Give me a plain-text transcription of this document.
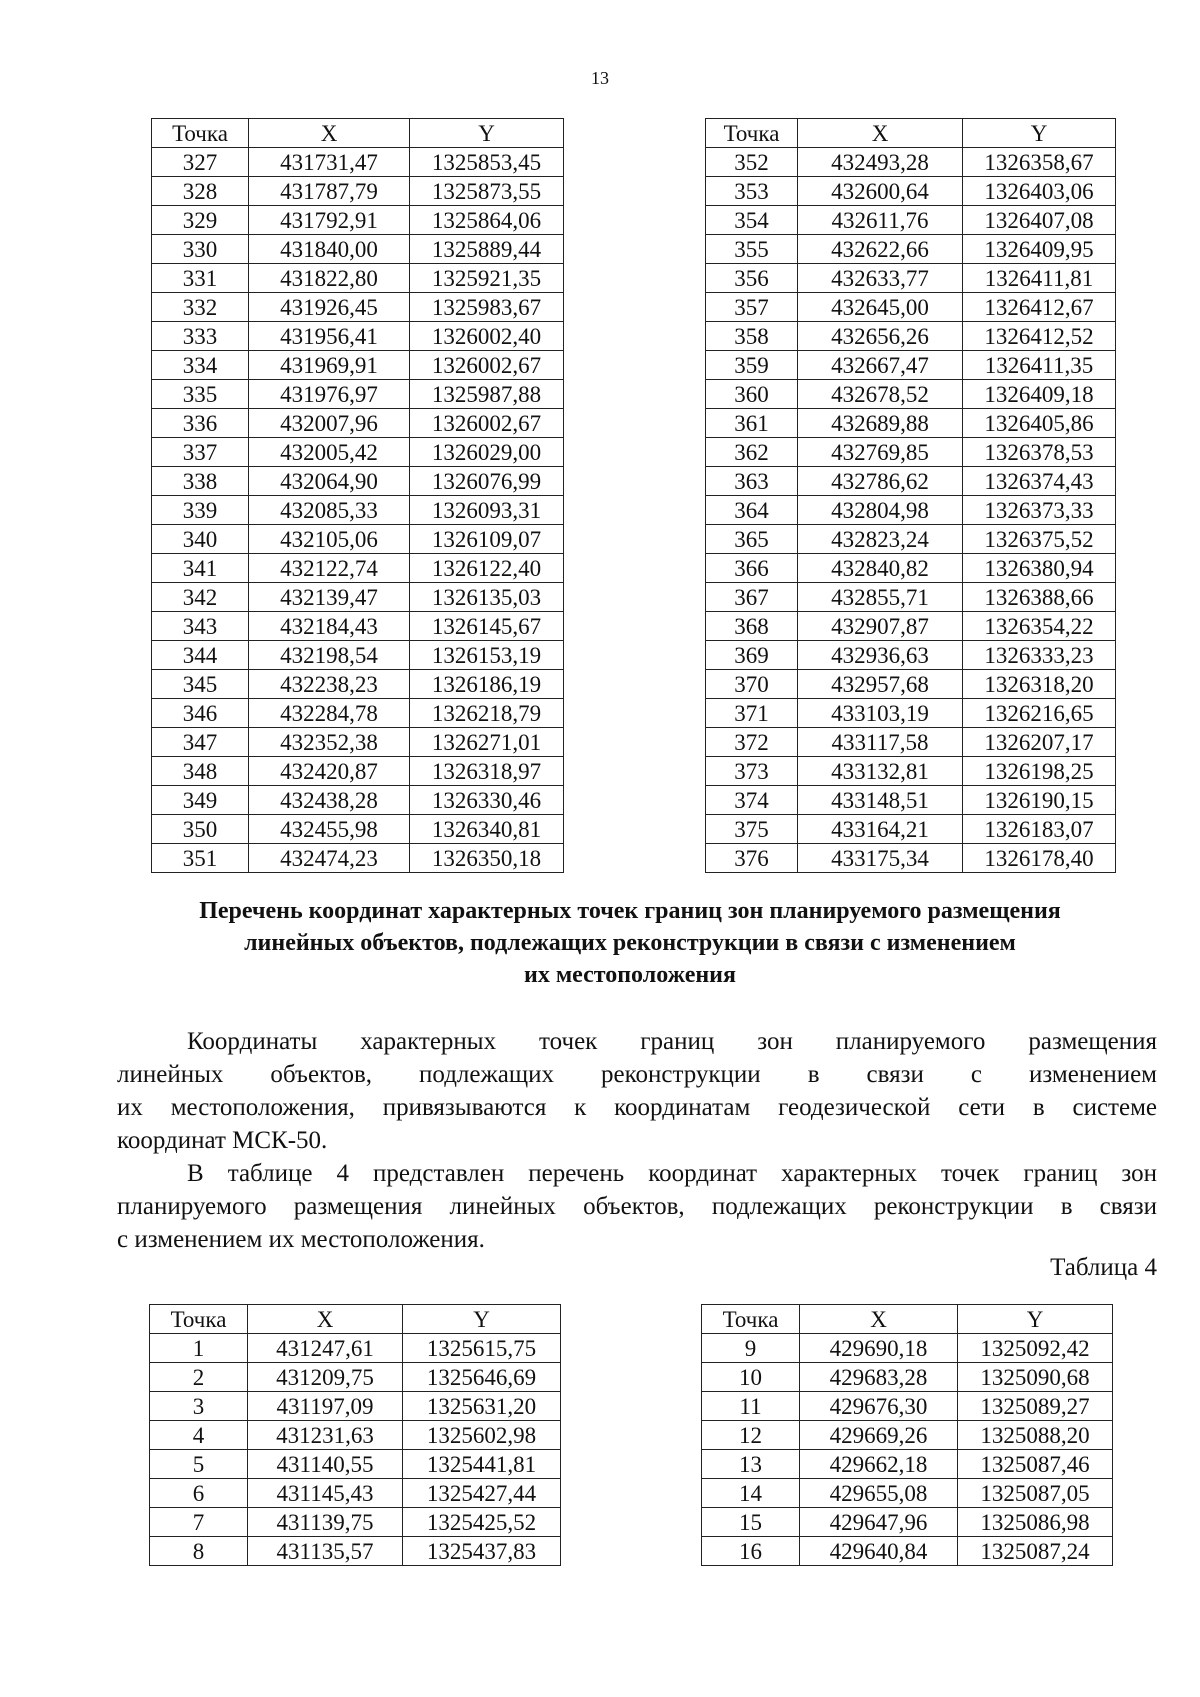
13
Точка	X	Y
327	431731,47	1325853,45
328	431787,79	1325873,55
329	431792,91	1325864,06
330	431840,00	1325889,44
331	431822,80	1325921,35
332	431926,45	1325983,67
333	431956,41	1326002,40
334	431969,91	1326002,67
335	431976,97	1325987,88
336	432007,96	1326002,67
337	432005,42	1326029,00
338	432064,90	1326076,99
339	432085,33	1326093,31
340	432105,06	1326109,07
341	432122,74	1326122,40
342	432139,47	1326135,03
343	432184,43	1326145,67
344	432198,54	1326153,19
345	432238,23	1326186,19
346	432284,78	1326218,79
347	432352,38	1326271,01
348	432420,87	1326318,97
349	432438,28	1326330,46
350	432455,98	1326340,81
351	432474,23	1326350,18
Точка	X	Y
352	432493,28	1326358,67
353	432600,64	1326403,06
354	432611,76	1326407,08
355	432622,66	1326409,95
356	432633,77	1326411,81
357	432645,00	1326412,67
358	432656,26	1326412,52
359	432667,47	1326411,35
360	432678,52	1326409,18
361	432689,88	1326405,86
362	432769,85	1326378,53
363	432786,62	1326374,43
364	432804,98	1326373,33
365	432823,24	1326375,52
366	432840,82	1326380,94
367	432855,71	1326388,66
368	432907,87	1326354,22
369	432936,63	1326333,23
370	432957,68	1326318,20
371	433103,19	1326216,65
372	433117,58	1326207,17
373	433132,81	1326198,25
374	433148,51	1326190,15
375	433164,21	1326183,07
376	433175,34	1326178,40
Перечень координат характерных точек границ зон планируемого размещения
линейных объектов, подлежащих реконструкции в связи с изменением
их местоположения
Координаты характерных точек границ зон планируемого размещения
линейных объектов, подлежащих реконструкции в связи с изменением
их местоположения, привязываются к координатам геодезической сети в системе
координат МСК-50.
В таблице 4 представлен перечень координат характерных точек границ зон
планируемого размещения линейных объектов, подлежащих реконструкции в связи
с изменением их местоположения.
Таблица 4
Точка	X	Y
1	431247,61	1325615,75
2	431209,75	1325646,69
3	431197,09	1325631,20
4	431231,63	1325602,98
5	431140,55	1325441,81
6	431145,43	1325427,44
7	431139,75	1325425,52
8	431135,57	1325437,83
Точка	X	Y
9	429690,18	1325092,42
10	429683,28	1325090,68
11	429676,30	1325089,27
12	429669,26	1325088,20
13	429662,18	1325087,46
14	429655,08	1325087,05
15	429647,96	1325086,98
16	429640,84	1325087,24
